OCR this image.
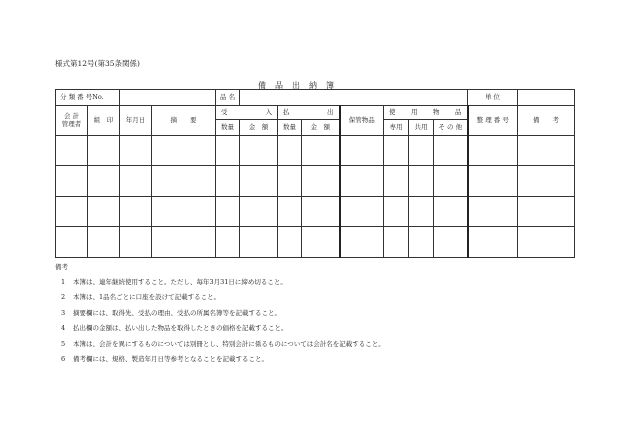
様式第12号(第35条関係)
備品出納簿
分 類 番 号No.				品 名								単 位	
会 計
管理者	組　印	年月日	摘　　要	受　　　入		払　　　出		保管物品	使　用　物　品			整 理 番 号	備　　考
				数量	金　額	数量	金　額		専用	共用	そ の 他		

備考
1 本簿は、連年継続使用すること。ただし、毎年3月31日に締め切ること。
2 本簿は、1品名ごとに口座を設けて記載すること。
3 摘要欄には、取得先、受払の理由、受払の所属名簿等を記載すること。
4 払出欄の金額は、払い出した物品を取得したときの価格を記載すること。
5 本簿は、会計を異にするものについては別冊とし、特別会計に係るものについては会計名を記載すること。
6 備考欄には、規格、製造年月日等参考となることを記載すること。
